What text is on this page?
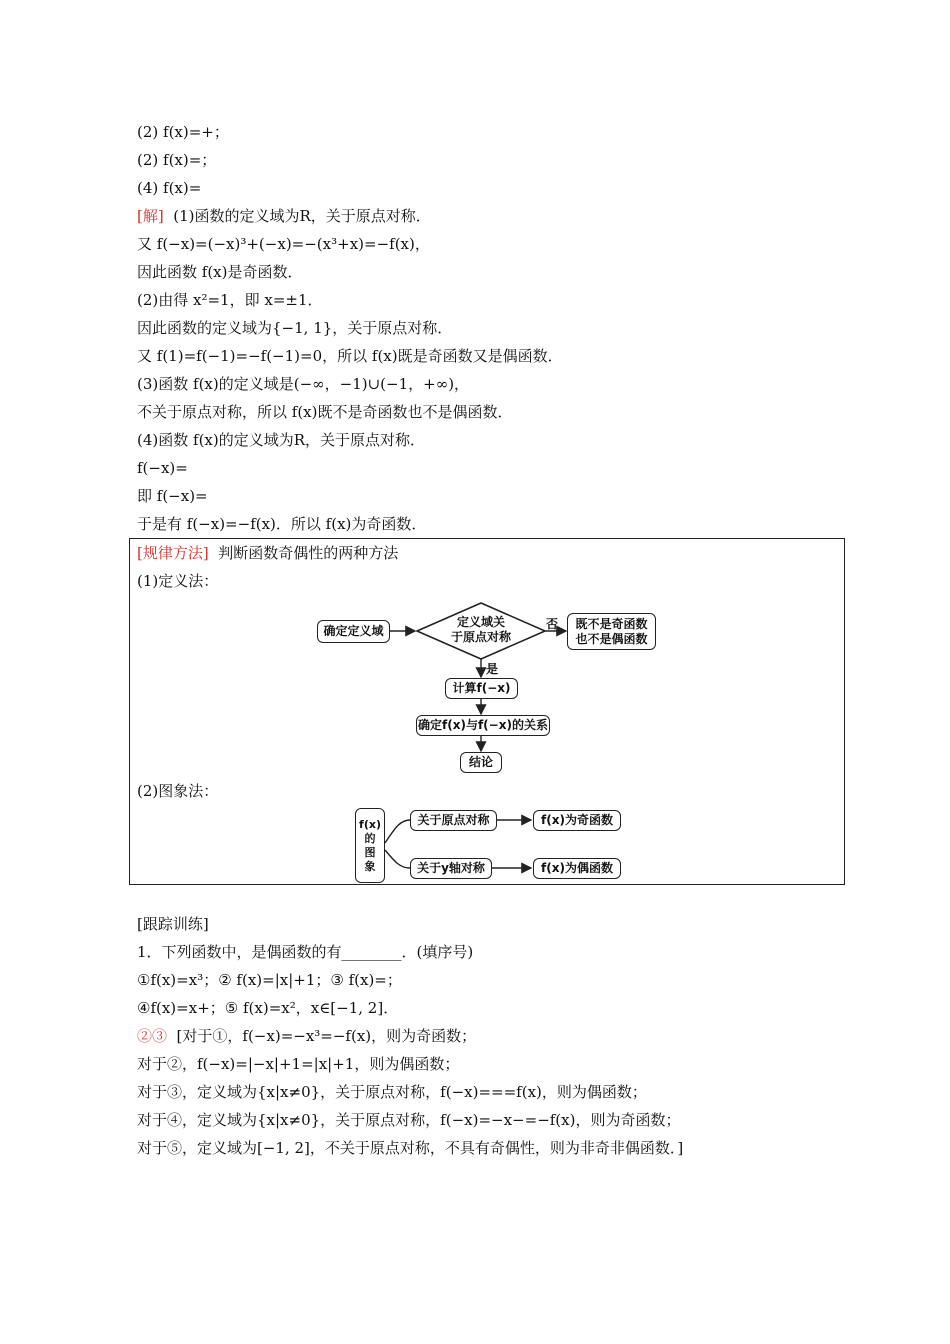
(2) f(x)=+；
(2) f(x)=；
(4) f(x)=
[解]  (1)函数的定义域为R，关于原点对称．
又 f(−x)=(−x)³+(−x)=−(x³+x)=−f(x)，
因此函数 f(x)是奇函数．
(2)由得 x²=1，即 x=±1．
因此函数的定义域为{−1, 1}，关于原点对称．
又 f(1)=f(−1)=−f(−1)=0，所以 f(x)既是奇函数又是偶函数．
(3)函数 f(x)的定义域是(−∞，−1)∪(−1，+∞)，
不关于原点对称，所以 f(x)既不是奇函数也不是偶函数．
(4)函数 f(x)的定义域为R，关于原点对称．
f(−x)=
即 f(−x)=
于是有 f(−x)=−f(x)．所以 f(x)为奇函数．
[规律方法]  判断函数奇偶性的两种方法
(1)定义法：
确定定义域
定义域关
于原点对称
否	既不是奇函数
也不是偶函数
是
计算f(−x)
确定f(x)与f(−x)的关系
结论
(2)图象法：
f(x)
的
图
象
关于原点对称	f(x)为奇函数
关于y轴对称	f(x)为偶函数
[跟踪训练]
1．下列函数中，是偶函数的有________．(填序号)
①f(x)=x³；② f(x)=|x|+1；③ f(x)=；
④f(x)=x+；⑤ f(x)=x²，x∈[−1, 2]．
②③  [对于①，f(−x)=−x³=−f(x)，则为奇函数；
对于②，f(−x)=|−x|+1=|x|+1，则为偶函数；
对于③，定义域为{x|x≠0}，关于原点对称，f(−x)===f(x)，则为偶函数；
对于④，定义域为{x|x≠0}，关于原点对称，f(−x)=−x−=−f(x)，则为奇函数；
对于⑤，定义域为[−1, 2]，不关于原点对称，不具有奇偶性，则为非奇非偶函数．]
